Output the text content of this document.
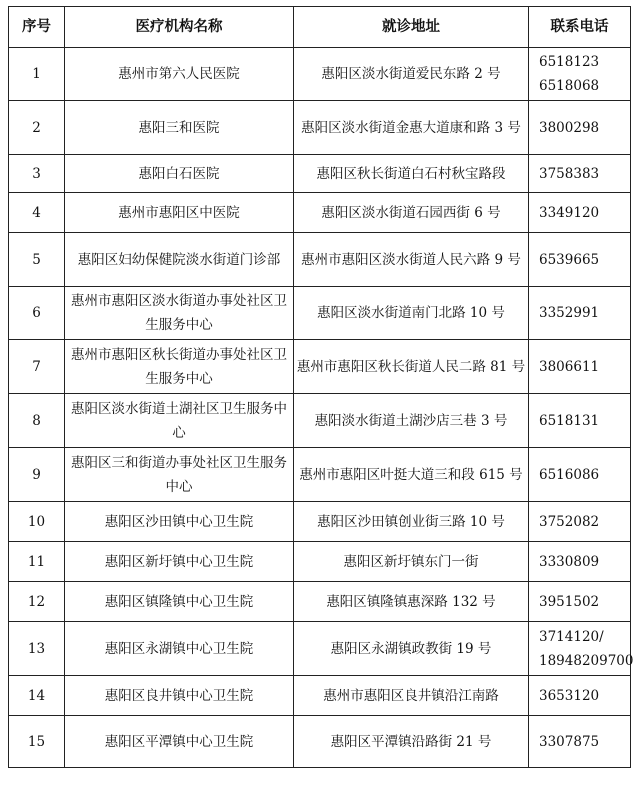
序号	医疗机构名称	就诊地址	联系电话
1	惠州市第六人民医院	惠阳区淡水街道爱民东路 2 号	6518123 6518068
2	惠阳三和医院	惠阳区淡水街道金惠大道康和路 3 号	3800298
3	惠阳白石医院	惠阳区秋长街道白石村秋宝路段	3758383
4	惠州市惠阳区中医院	惠阳区淡水街道石园西街 6 号	3349120
5	惠阳区妇幼保健院淡水街道门诊部	惠州市惠阳区淡水街道人民六路 9 号	6539665
6	惠州市惠阳区淡水街道办事处社区卫生服务中心	惠阳区淡水街道南门北路 10 号	3352991
7	惠州市惠阳区秋长街道办事处社区卫生服务中心	惠州市惠阳区秋长街道人民二路 81 号	3806611
8	惠阳区淡水街道土湖社区卫生服务中心	惠阳淡水街道土湖沙店三巷 3 号	6518131
9	惠阳区三和街道办事处社区卫生服务中心	惠州市惠阳区叶挺大道三和段 615 号	6516086
10	惠阳区沙田镇中心卫生院	惠阳区沙田镇创业街三路 10 号	3752082
11	惠阳区新圩镇中心卫生院	惠阳区新圩镇东门一街	3330809
12	惠阳区镇隆镇中心卫生院	惠阳区镇隆镇惠深路 132 号	3951502
13	惠阳区永湖镇中心卫生院	惠阳区永湖镇政教街 19 号	3714120/ 18948209700
14	惠阳区良井镇中心卫生院	惠州市惠阳区良井镇沿江南路	3653120
15	惠阳区平潭镇中心卫生院	惠阳区平潭镇沿路街 21 号	3307875
